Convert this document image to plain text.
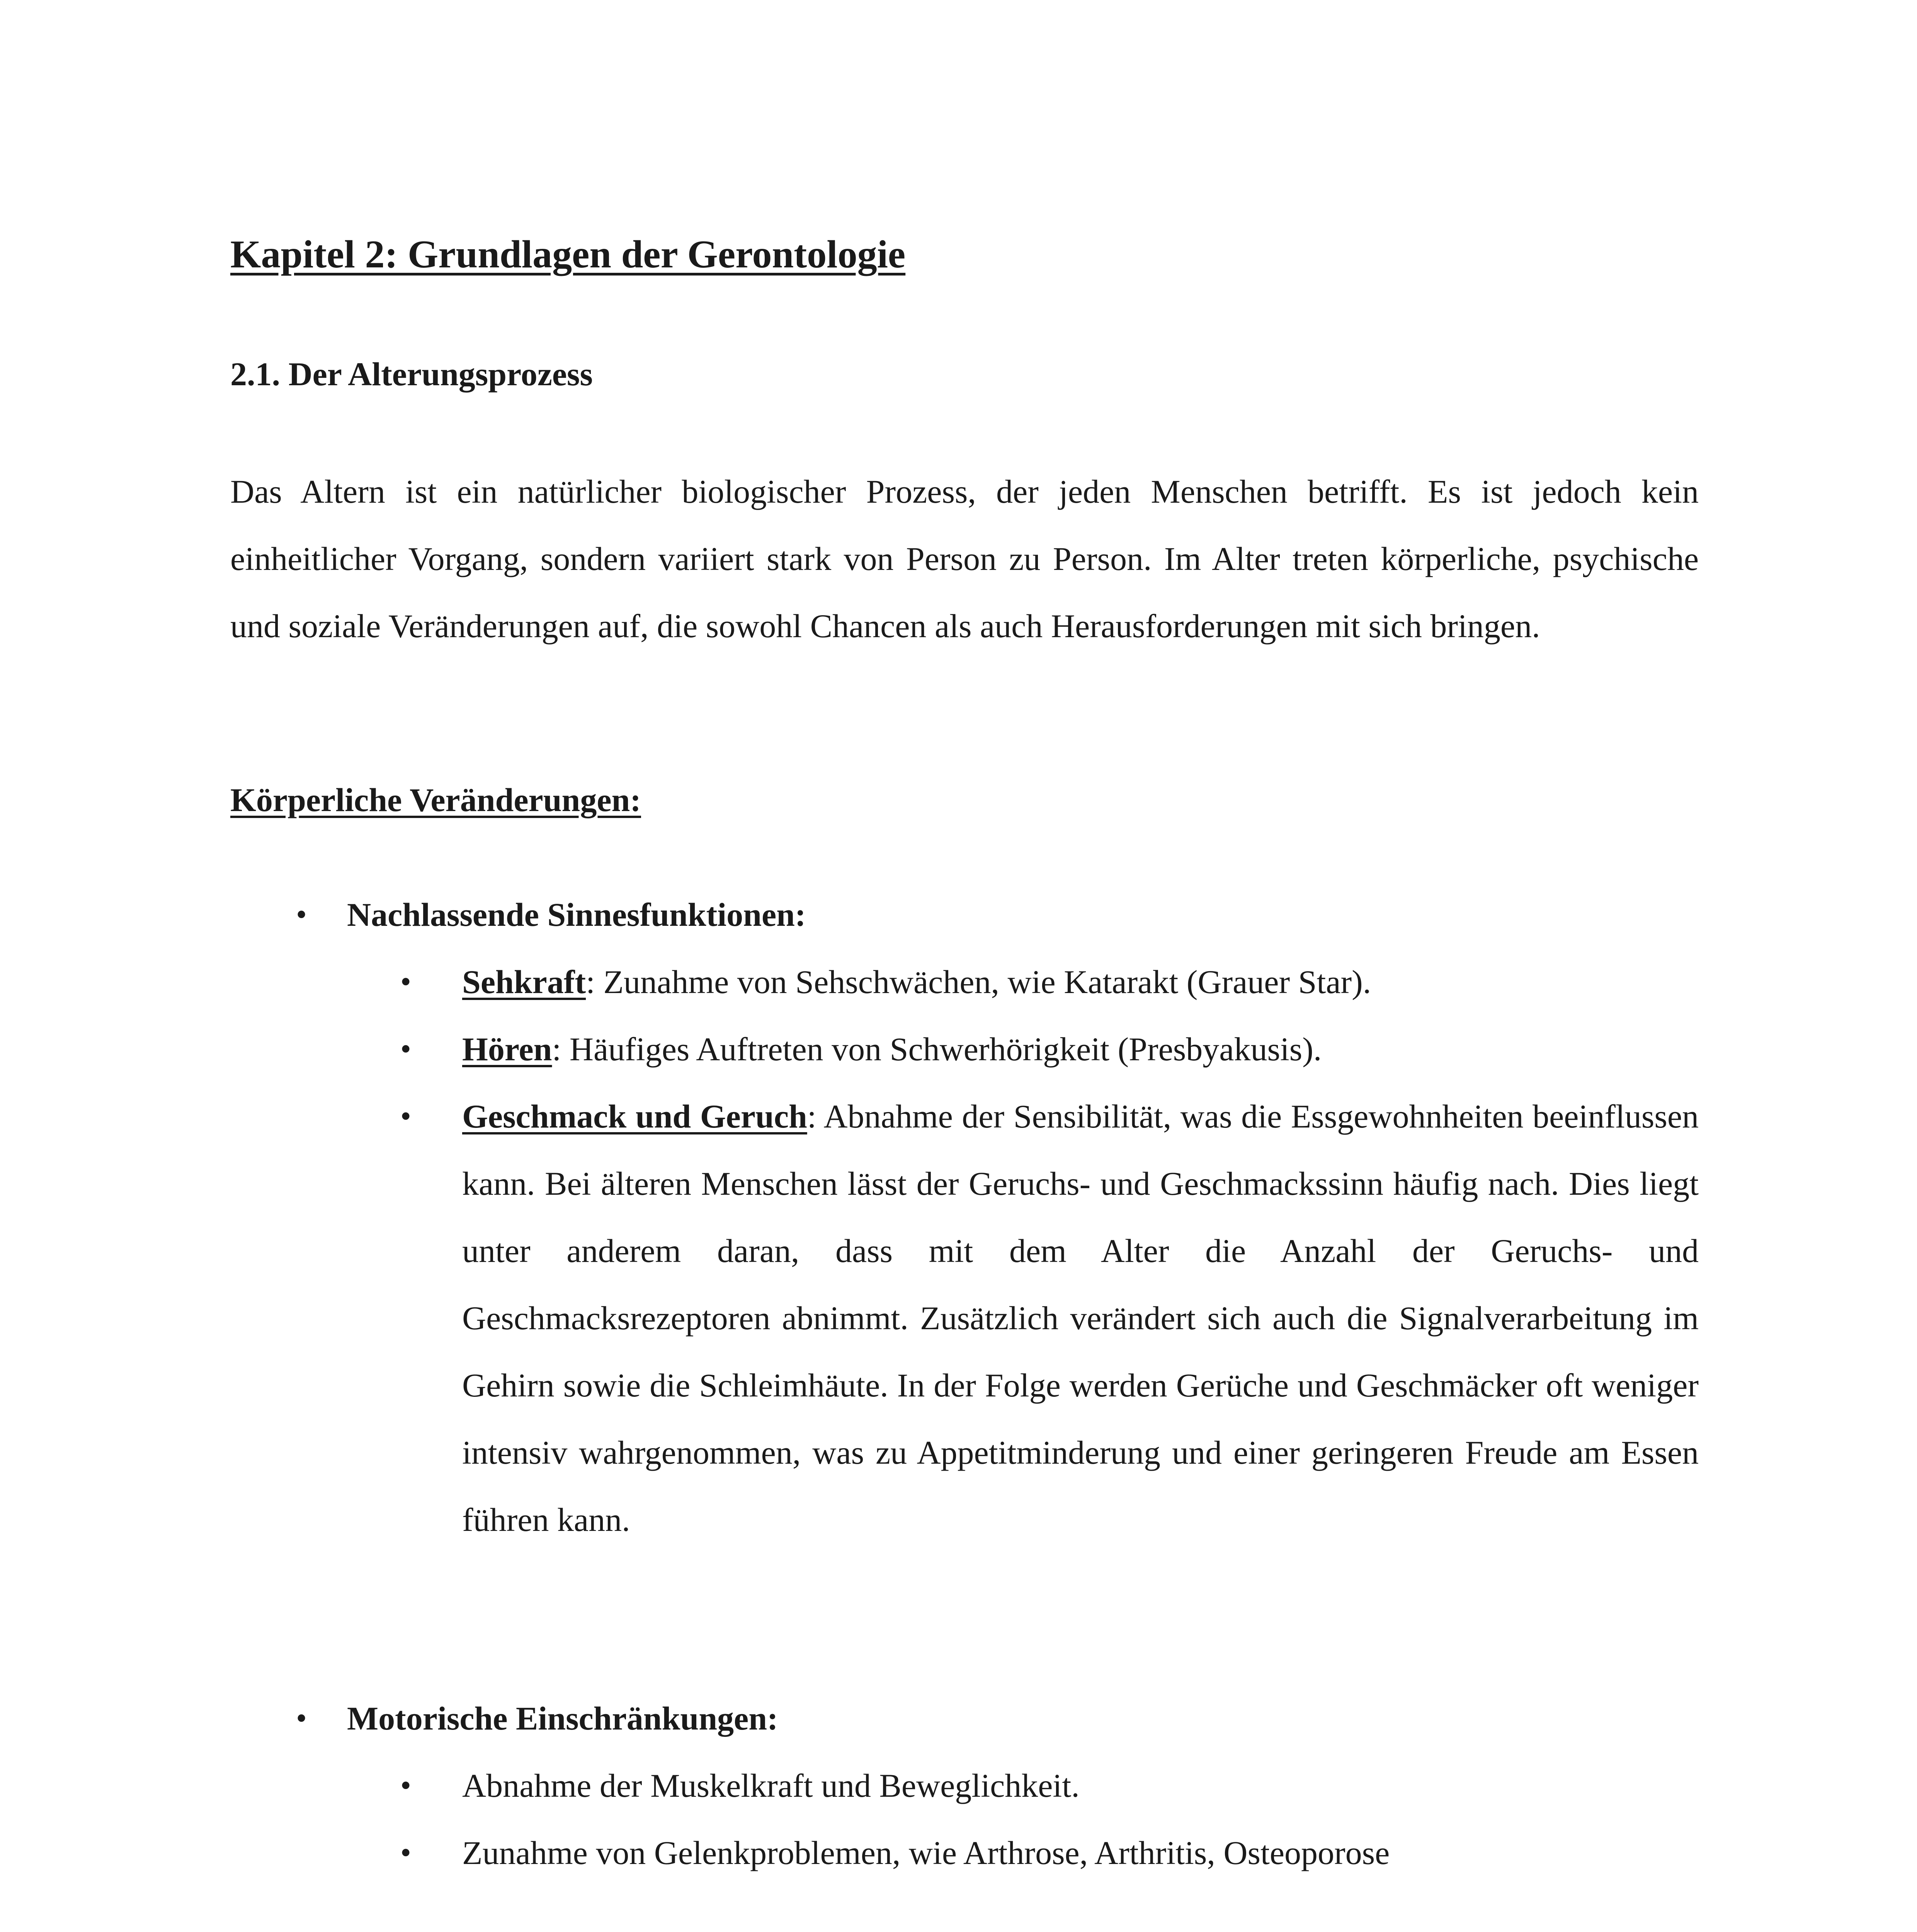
Kapitel 2: Grundlagen der Gerontologie
2.1. Der Alterungsprozess

Das Altern ist ein natürlicher biologischer Prozess, der jeden Menschen betrifft. Es ist jedoch kein einheitlicher Vorgang, sondern variiert stark von Person zu Person. Im Alter treten körperliche, psychische und soziale Veränderungen auf, die sowohl Chancen als auch Herausforderungen mit sich bringen.

Körperliche Veränderungen:
• Nachlassende Sinnesfunktionen:
• Sehkraft: Zunahme von Sehschwächen, wie Katarakt (Grauer Star).
• Hören: Häufiges Auftreten von Schwerhörigkeit (Presbyakusis).
• Geschmack und Geruch: Abnahme der Sensibilität, was die Essgewohnheiten beeinflussen kann. Bei älteren Menschen lässt der Geruchs- und Geschmackssinn häufig nach. Dies liegt unter anderem daran, dass mit dem Alter die Anzahl der Geruchs- und Geschmacksrezeptoren abnimmt. Zusätzlich verändert sich auch die Signalverarbeitung im Gehirn sowie die Schleimhäute. In der Folge werden Gerüche und Geschmäcker oft weniger intensiv wahrgenommen, was zu Appetitminderung und einer geringeren Freude am Essen führen kann.
• Motorische Einschränkungen:
• Abnahme der Muskelkraft und Beweglichkeit.
• Zunahme von Gelenkproblemen, wie Arthrose, Arthritis, Osteoporose
